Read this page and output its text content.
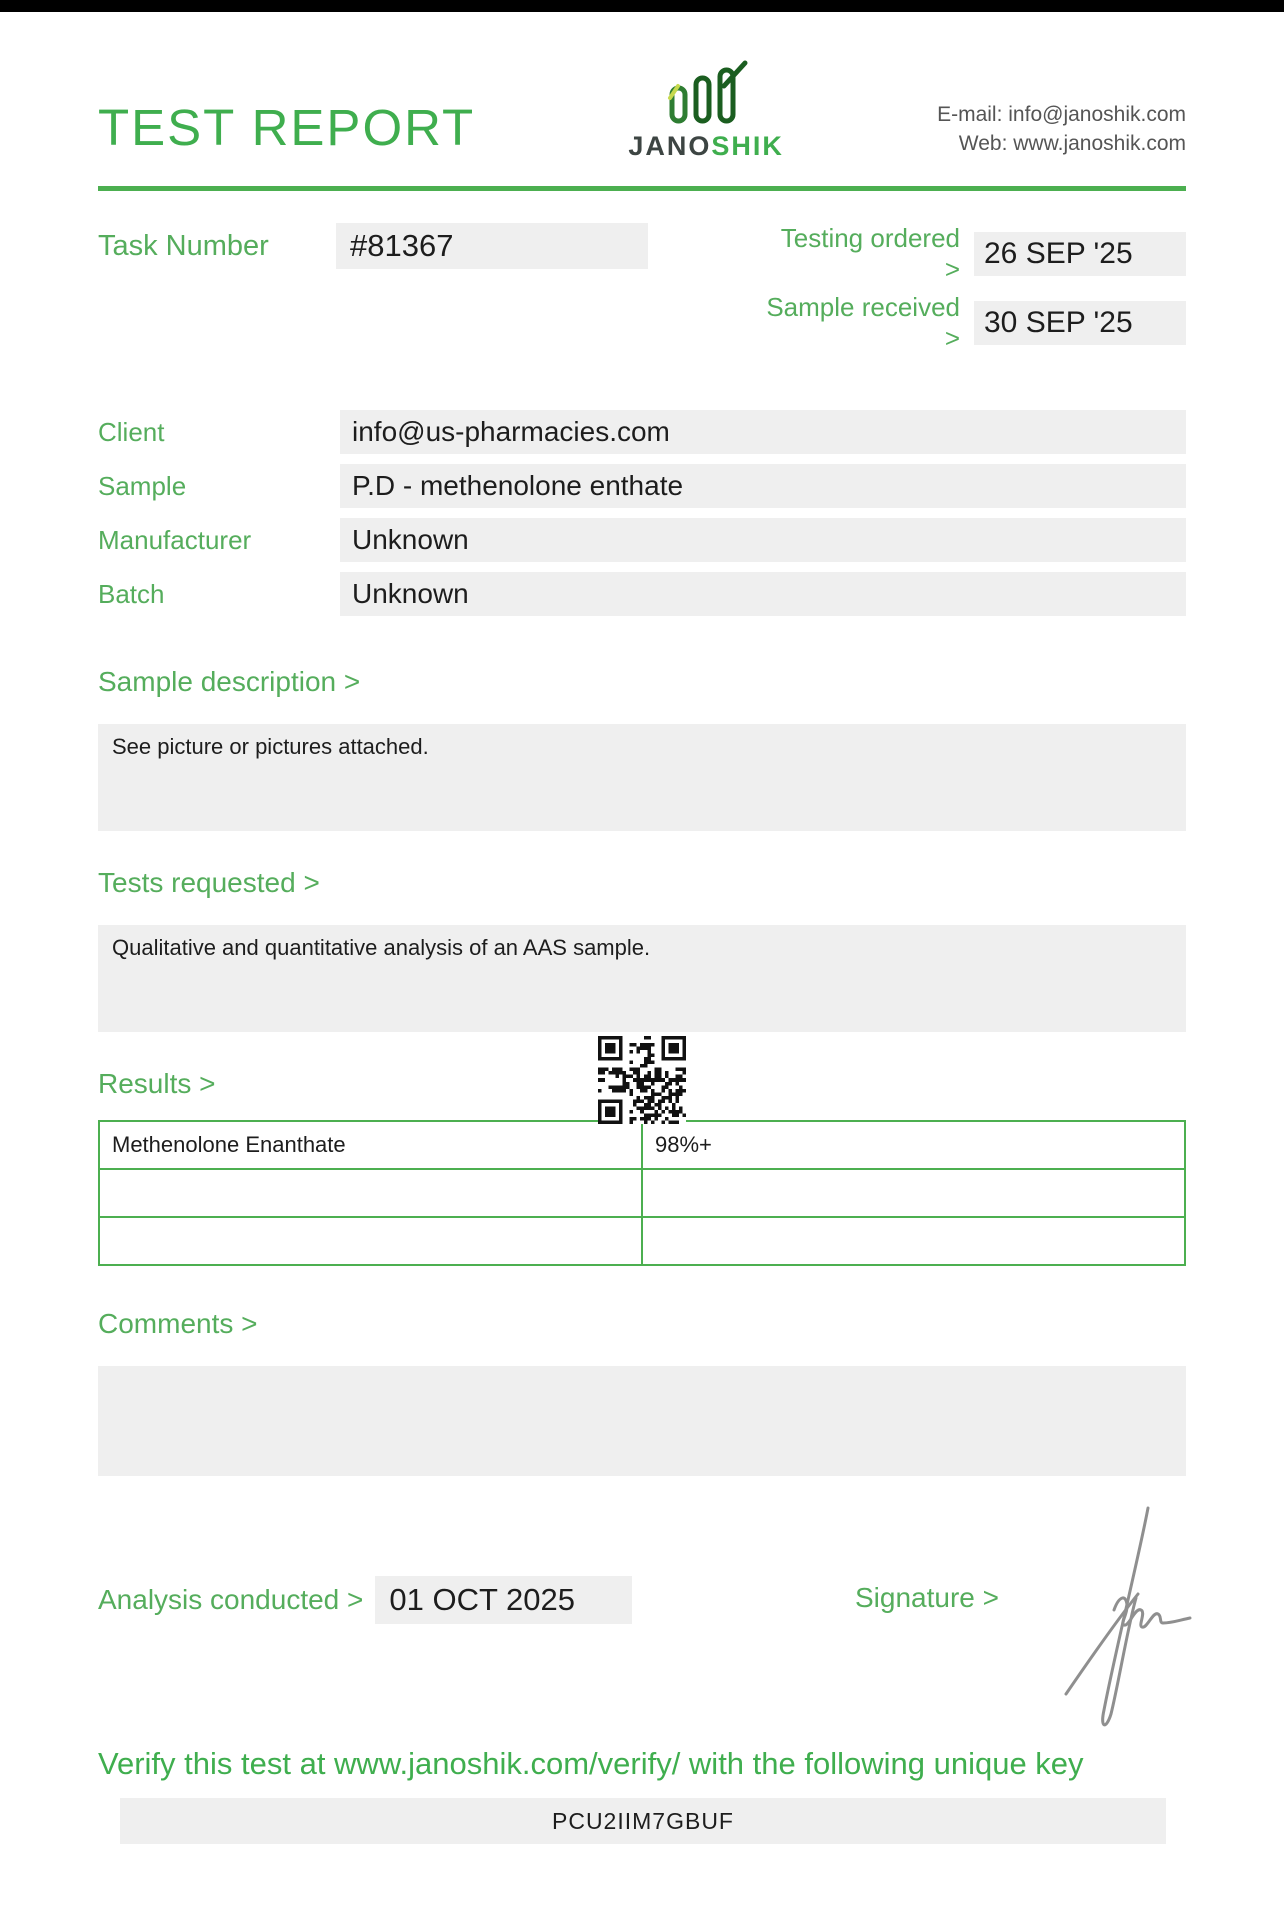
TEST REPORT	JANOSHIK
E-mail: info@janoshik.com
Web: www.janoshik.com
Task Number	#81367	Testing ordered > 26 SEP '25
Sample received > 30 SEP '25
Client	info@us-pharmacies.com
Sample	P.D - methenolone enthate
Manufacturer	Unknown
Batch	Unknown
Sample description >
See picture or pictures attached.
Tests requested >
Qualitative and quantitative analysis of an AAS sample.
Results >
Methenolone Enanthate	98%+

Comments >
Analysis conducted > 01 OCT 2025	Signature >
Verify this test at www.janoshik.com/verify/ with the following unique key
PCU2IIM7GBUF
